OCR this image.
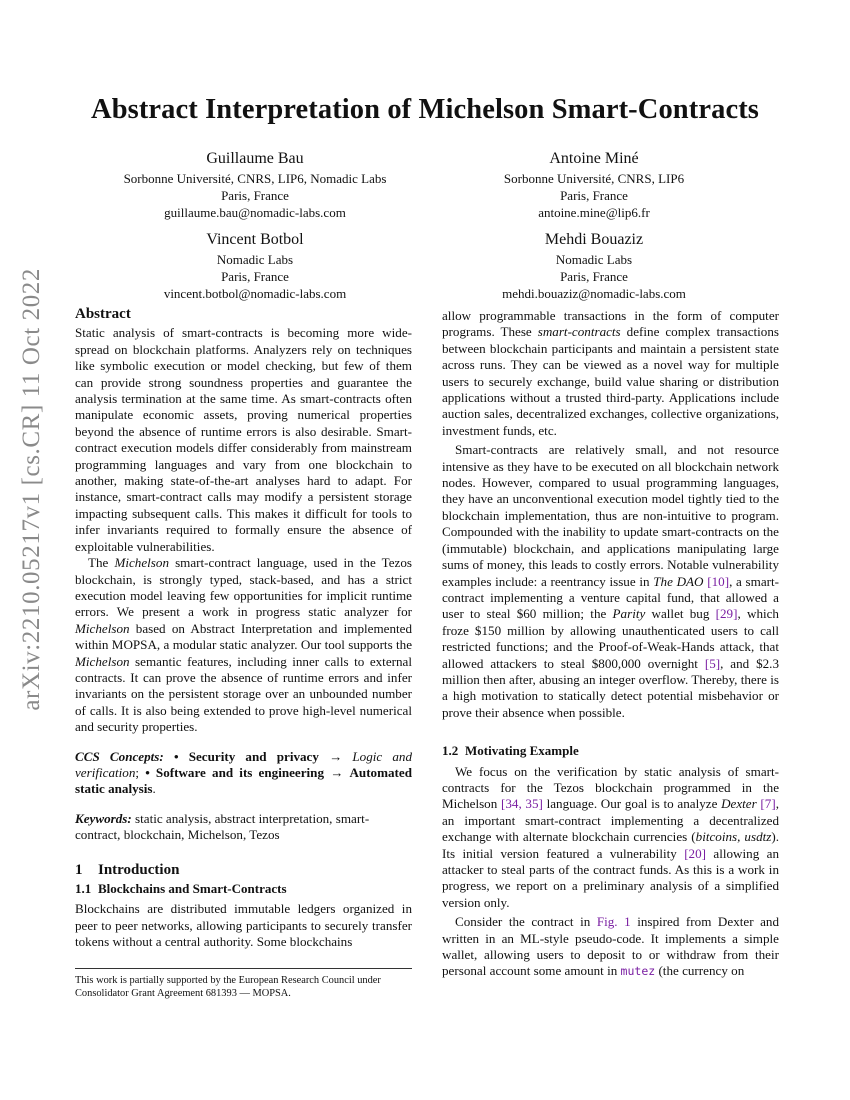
arXiv:2210.05217v1 [cs.CR] 11 Oct 2022
Abstract Interpretation of Michelson Smart-Contracts
Guillaume Bau
Sorbonne Université, CNRS, LIP6, Nomadic Labs
Paris, France
guillaume.bau@nomadic-labs.com
Antoine Miné
Sorbonne Université, CNRS, LIP6
Paris, France
antoine.mine@lip6.fr
Vincent Botbol
Nomadic Labs
Paris, France
vincent.botbol@nomadic-labs.com
Mehdi Bouaziz
Nomadic Labs
Paris, France
mehdi.bouaziz@nomadic-labs.com
Abstract

Static analysis of smart-contracts is becoming more wide-spread on blockchain platforms. Analyzers rely on techniques like symbolic execution or model checking, but few of them can provide strong soundness properties and guarantee the analysis termination at the same time. As smart-contracts often manipulate economic assets, proving numerical properties beyond the absence of runtime errors is also desirable. Smart-contract execution models differ considerably from mainstream programming languages and vary from one blockchain to another, making state-of-the-art analyses hard to adapt. For instance, smart-contract calls may modify a persistent storage impacting subsequent calls. This makes it difficult for tools to infer invariants required to formally ensure the absence of exploitable vulnerabilities.

The Michelson smart-contract language, used in the Tezos blockchain, is strongly typed, stack-based, and has a strict execution model leaving few opportunities for implicit runtime errors. We present a work in progress static analyzer for Michelson based on Abstract Interpretation and implemented within MOPSA, a modular static analyzer. Our tool supports the Michelson semantic features, including inner calls to external contracts. It can prove the absence of runtime errors and infer invariants on the persistent storage over an unbounded number of calls. It is also being extended to prove high-level numerical and security properties.

CCS Concepts: • Security and privacy → Logic and verification; • Software and its engineering → Automated static analysis.

Keywords: static analysis, abstract interpretation, smart-contract, blockchain, Michelson, Tezos

1 Introduction
1.1 Blockchains and Smart-Contracts

Blockchains are distributed immutable ledgers organized in peer to peer networks, allowing participants to securely transfer tokens without a central authority. Some blockchains

This work is partially supported by the European Research Council under Consolidator Grant Agreement 681393 — MOPSA.

allow programmable transactions in the form of computer programs. These smart-contracts define complex transactions between blockchain participants and maintain a persistent state across runs. They can be viewed as a novel way for multiple users to securely exchange, build value sharing or distribution applications without a trusted third-party. Applications include auction sales, decentralized exchanges, collective organizations, investment funds, etc.

Smart-contracts are relatively small, and not resource intensive as they have to be executed on all blockchain network nodes. However, compared to usual programming languages, they have an unconventional execution model tightly tied to the blockchain implementation, thus are non-intuitive to program. Compounded with the inability to update smart-contracts on the (immutable) blockchain, and applications manipulating large sums of money, this leads to costly errors. Notable vulnerability examples include: a reentrancy issue in The DAO [10], a smart-contract implementing a venture capital fund, that allowed a user to steal $60 million; the Parity wallet bug [29], which froze $150 million by allowing unauthenticated users to call restricted functions; and the Proof-of-Weak-Hands attack, that allowed attackers to steal $800,000 overnight [5], and $2.3 million then after, abusing an integer overflow. Thereby, there is a high motivation to statically detect potential misbehavior or prove their absence when possible.

1.2 Motivating Example

We focus on the verification by static analysis of smart-contracts for the Tezos blockchain programmed in the Michelson [34, 35] language. Our goal is to analyze Dexter [7], an important smart-contract implementing a decentralized exchange with alternate blockchain currencies (bitcoins, usdtz). Its initial version featured a vulnerability [20] allowing an attacker to steal parts of the contract funds. As this is a work in progress, we report on a preliminary analysis of a simplified version only.

Consider the contract in Fig. 1 inspired from Dexter and written in an ML-style pseudo-code. It implements a simple wallet, allowing users to deposit to or withdraw from their personal account some amount in mutez (the currency on
